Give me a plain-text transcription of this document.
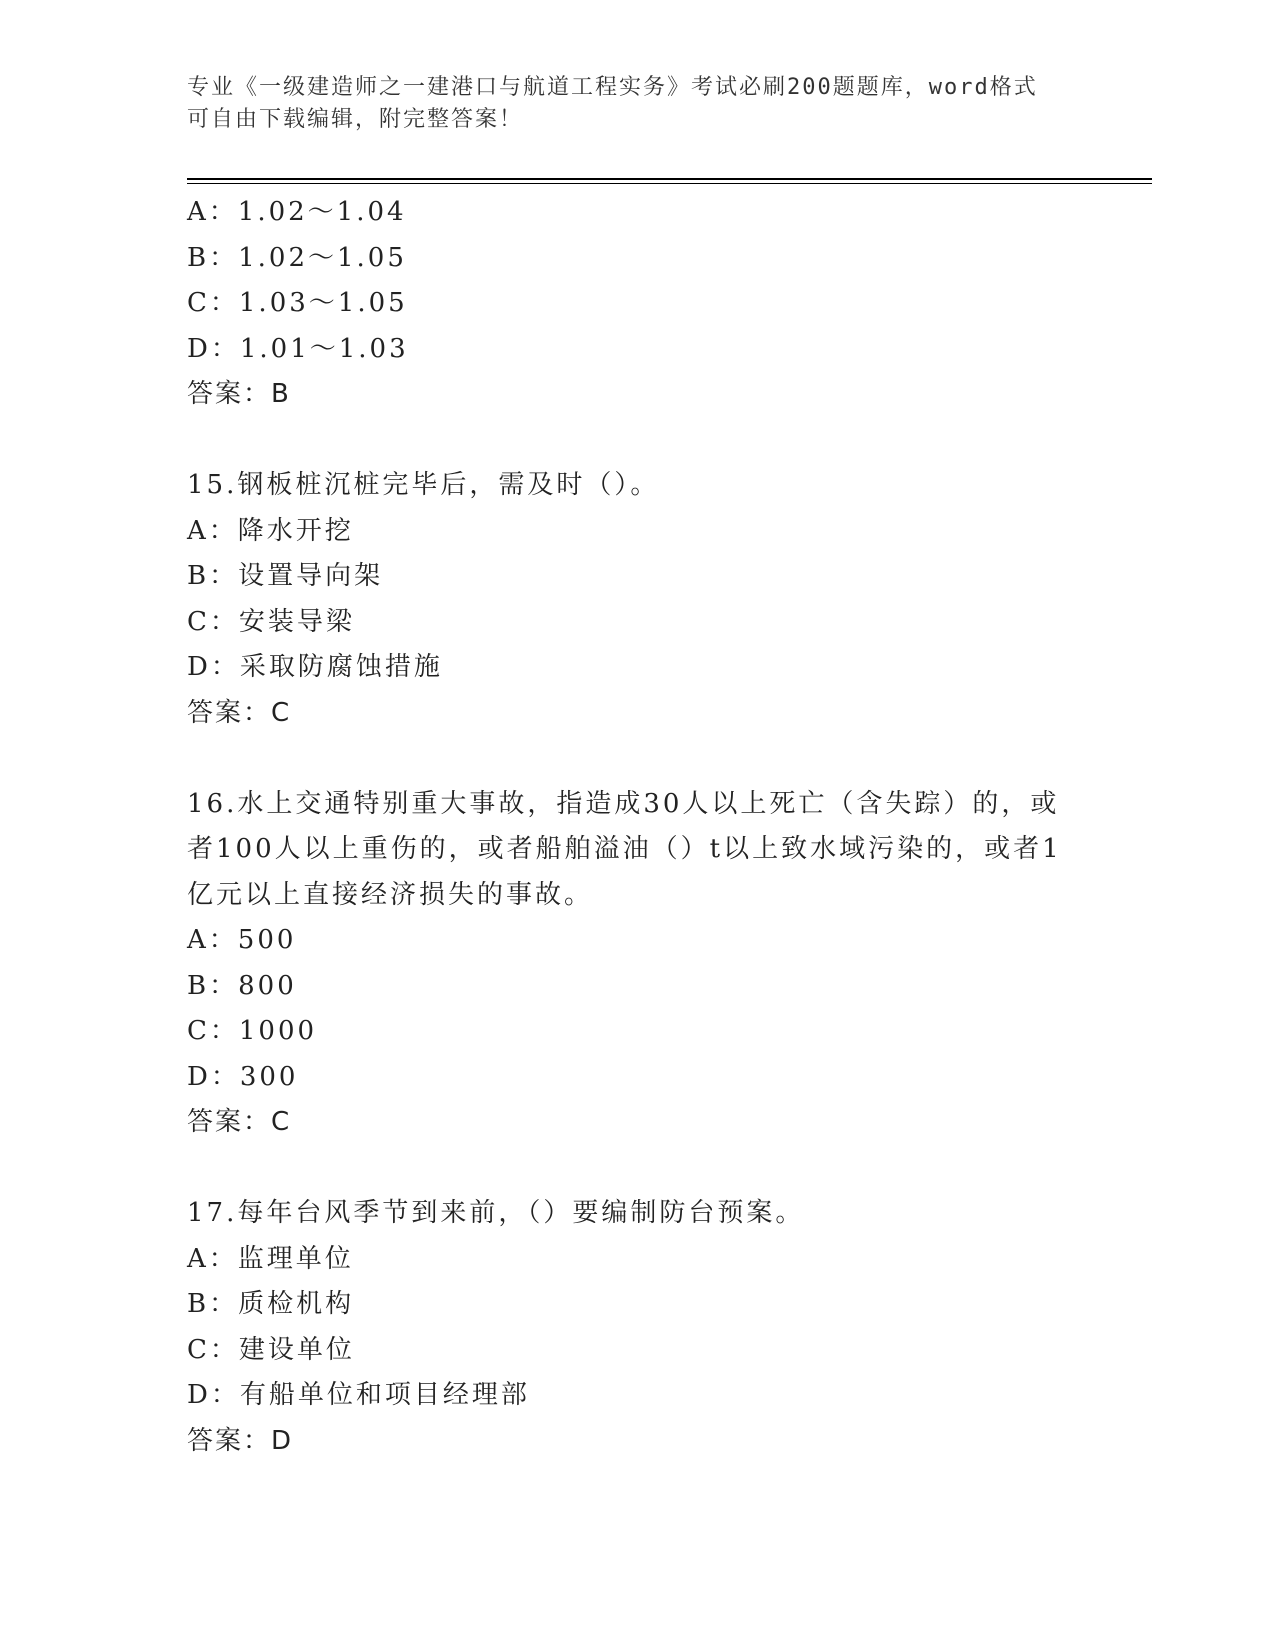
专业《一级建造师之一建港口与航道工程实务》考试必刷200题题库，word格式
可自由下载编辑，附完整答案！
A：1.02～1.04
B：1.02～1.05
C：1.03～1.05
D：1.01～1.03
答案：B
15.钢板桩沉桩完毕后，需及时（）。
A：降水开挖
B：设置导向架
C：安装导梁
D：采取防腐蚀措施
答案：C
16.水上交通特别重大事故，指造成30人以上死亡（含失踪）的，或
者100人以上重伤的，或者船舶溢油（）t以上致水域污染的，或者1
亿元以上直接经济损失的事故。
A：500
B：800
C：1000
D：300
答案：C
17.每年台风季节到来前，（）要编制防台预案。
A：监理单位
B：质检机构
C：建设单位
D：有船单位和项目经理部
答案：D
